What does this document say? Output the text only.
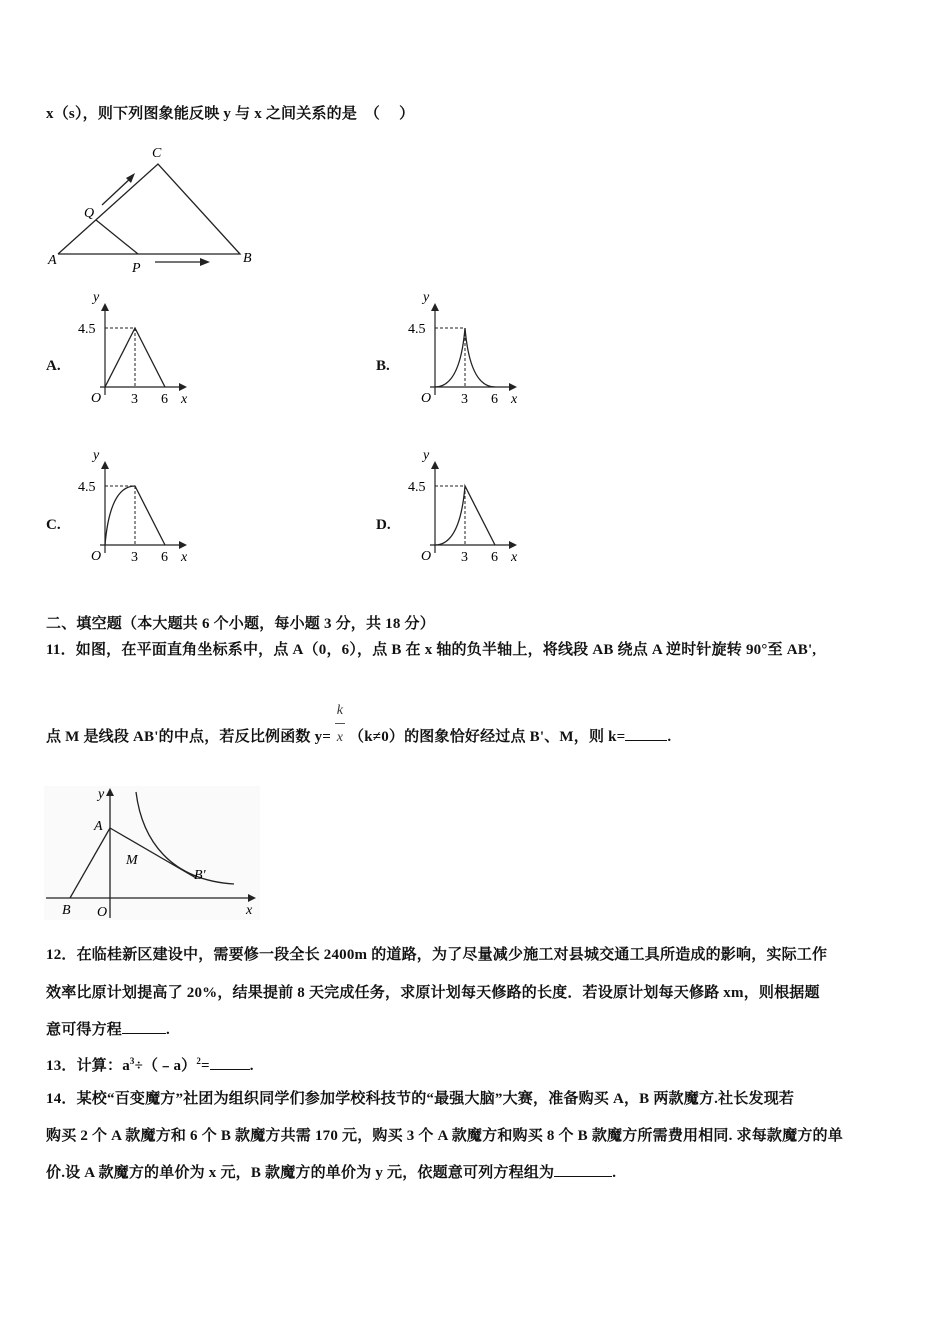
x（s），则下列图象能反映 y 与 x 之间关系的是　（　 ）
C
Q
A
P
B
A.	B.
C.	D.
y
4.5
O 3 6 x
y
4.5
O 3 6 x
y
4.5
O 3 6 x
y
4.5
O 3 6 x
二、填空题（本大题共 6 个小题，每小题 3 分，共 18 分）
11．如图，在平面直角坐标系中，点 A（0，6），点 B 在 x 轴的负半轴上，将线段 AB 绕点 A 逆时针旋转 90°至 AB',
点 M 是线段 AB'的中点，若反比例函数 $y= \frac{k}{x} (k\ne 0)$的图象恰好经过点 B'、M，则 k=	.
y
A
M
B'
B O	x
12．在临桂新区建设中，需要修一段全长 2400m 的道路，为了尽量减少施工对县城交通工具所造成的影响，实际工作
效率比原计划提高了 20%，结果提前 8 天完成任务，求原计划每天修路的长度．若设原计划每天修路 xm，则根据题
意可得方程	.
13．计算：$a^3\div(﹣a)^2=$	.
14．某校“百变魔方”社团为组织同学们参加学校科技节的“最强大脑”大赛，准备购买 A，B 两款魔方.社长发现若
购买 2 个 A 款魔方和 6 个 B 款魔方共需 170 元，购买 3 个 A 款魔方和购买 8 个 B 款魔方所需费用相同. 求每款魔方的单
价.设 A 款魔方的单价为 x 元，B 款魔方的单价为 y 元，依题意可列方程组为	.
